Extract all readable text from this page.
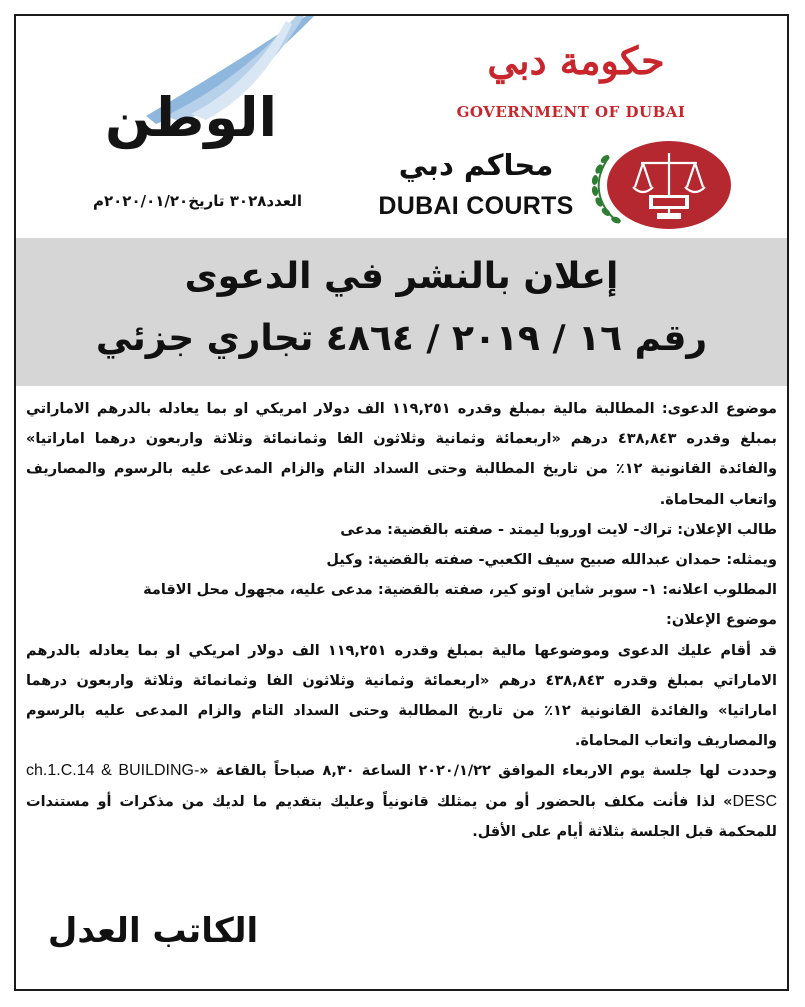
الوطن
العدد٣٠٢٨ تاريخ٢٠٢٠/٠١/٢٠م
حكومة دبي
GOVERNMENT OF DUBAI
محاكم دبي
DUBAI COURTS
إعلان بالنشر في الدعوى
رقم ١٦ / ٢٠١٩ / ٤٨٦٤ تجاري جزئي

موضوع الدعوى: المطالبة مالية بمبلغ وقدره ١١٩,٢٥١ الف دولار امريكي او بما يعادله بالدرهم الاماراتي بمبلغ وقدره ٤٣٨,٨٤٣ درهم «اربعمائة وثمانية وثلاثون الفا وثمانمائة وثلاثة واربعون درهما اماراتيا» والفائدة القانونية ١٢٪ من تاريخ المطالبة وحتى السداد التام والزام المدعى عليه بالرسوم والمصاريف واتعاب المحاماة.

طالب الإعلان: تراك- لايت اوروبا ليمتد - صفته بالقضية: مدعى

ويمثله: حمدان عبدالله صبيح سيف الكعبي- صفته بالقضية: وكيل

المطلوب اعلانه: ١- سوبر شاين اوتو كير، صفته بالقضية: مدعى عليه، مجهول محل الاقامة

موضوع الإعلان:

قد أقام عليك الدعوى وموضوعها مالية بمبلغ وقدره ١١٩,٢٥١ الف دولار امريكي او بما يعادله بالدرهم الاماراتي بمبلغ وقدره ٤٣٨,٨٤٣ درهم «اربعمائة وثمانية وثلاثون الفا وثمانمائة وثلاثة واربعون درهما اماراتيا» والفائدة القانونية ١٢٪ من تاريخ المطالبة وحتى السداد التام والزام المدعى عليه بالرسوم والمصاريف واتعاب المحاماة.

وحددت لها جلسة يوم الاربعاء الموافق ٢٠٢٠/١/٢٢ الساعة ٨,٣٠ صباحاً بالقاعة «ch.1.C.14 & BUILDING-DESC» لذا فأنت مكلف بالحضور أو من يمثلك قانونياً وعليك بتقديم ما لديك من مذكرات أو مستندات للمحكمة قبل الجلسة بثلاثة أيام على الأقل.

الكاتب العدل
